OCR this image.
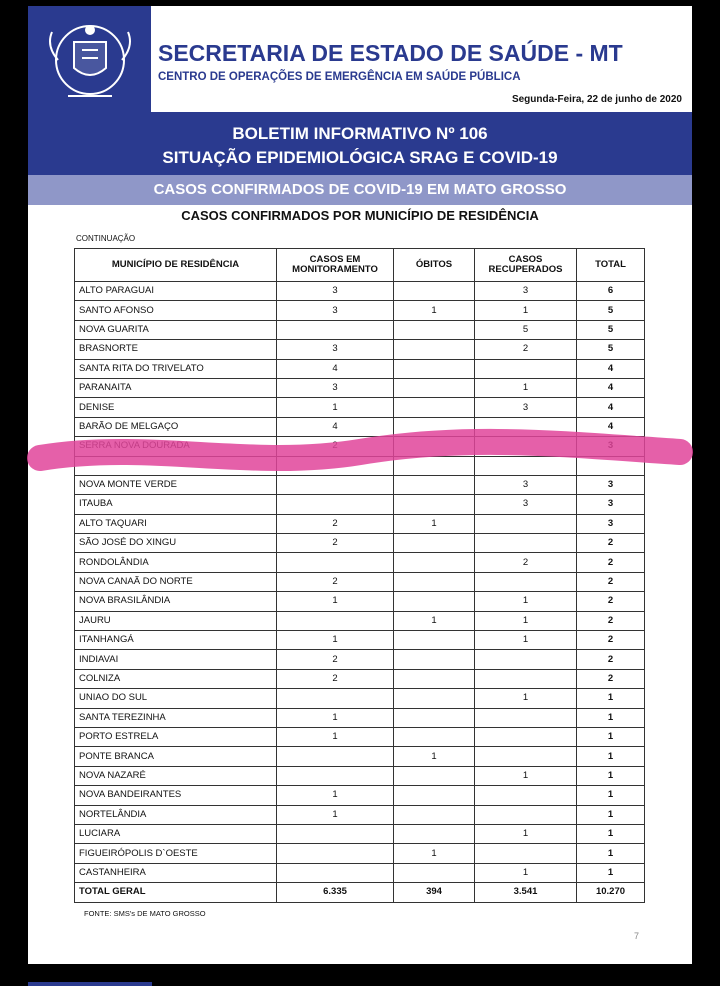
SECRETARIA DE ESTADO DE SAÚDE - MT
CENTRO DE OPERAÇÕES DE EMERGÊNCIA EM SAÚDE PÚBLICA
Segunda-Feira, 22 de junho de 2020
BOLETIM INFORMATIVO Nº 106
SITUAÇÃO EPIDEMIOLÓGICA SRAG E COVID-19
CASOS CONFIRMADOS DE COVID-19 EM MATO GROSSO
CASOS CONFIRMADOS POR MUNICÍPIO DE RESIDÊNCIA
CONTINUAÇÃO
MUNICÍPIO DE RESIDÊNCIA	CASOS EM MONITORAMENTO	ÓBITOS	CASOS RECUPERADOS	TOTAL
ALTO PARAGUAI	3		3	6
SANTO AFONSO	3	1	1	5
NOVA GUARITA			5	5
BRASNORTE	3		2	5
SANTA RITA DO TRIVELATO	4			4
PARANAITA	3		1	4
DENISE	1		3	4
BARÃO DE MELGAÇO	4			4
SERRA NOVA DOURADA	2			3

NOVA MONTE VERDE			3	3
ITAUBA			3	3
ALTO TAQUARI	2	1		3
SÃO JOSÉ DO XINGU	2			2
RONDOLÂNDIA			2	2
NOVA CANAÃ DO NORTE	2			2
NOVA BRASILÂNDIA	1		1	2
JAURU		1	1	2
ITANHANGÁ	1		1	2
INDIAVAI	2			2
COLNIZA	2			2
UNIAO DO SUL			1	1
SANTA TEREZINHA	1			1
PORTO ESTRELA	1			1
PONTE BRANCA		1		1
NOVA NAZARÉ			1	1
NOVA BANDEIRANTES	1			1
NORTELÂNDIA	1			1
LUCIARA			1	1
FIGUEIRÓPOLIS D`OESTE		1		1
CASTANHEIRA			1	1
TOTAL GERAL	6.335	394	3.541	10.270
FONTE: SMS's DE MATO GROSSO
7
